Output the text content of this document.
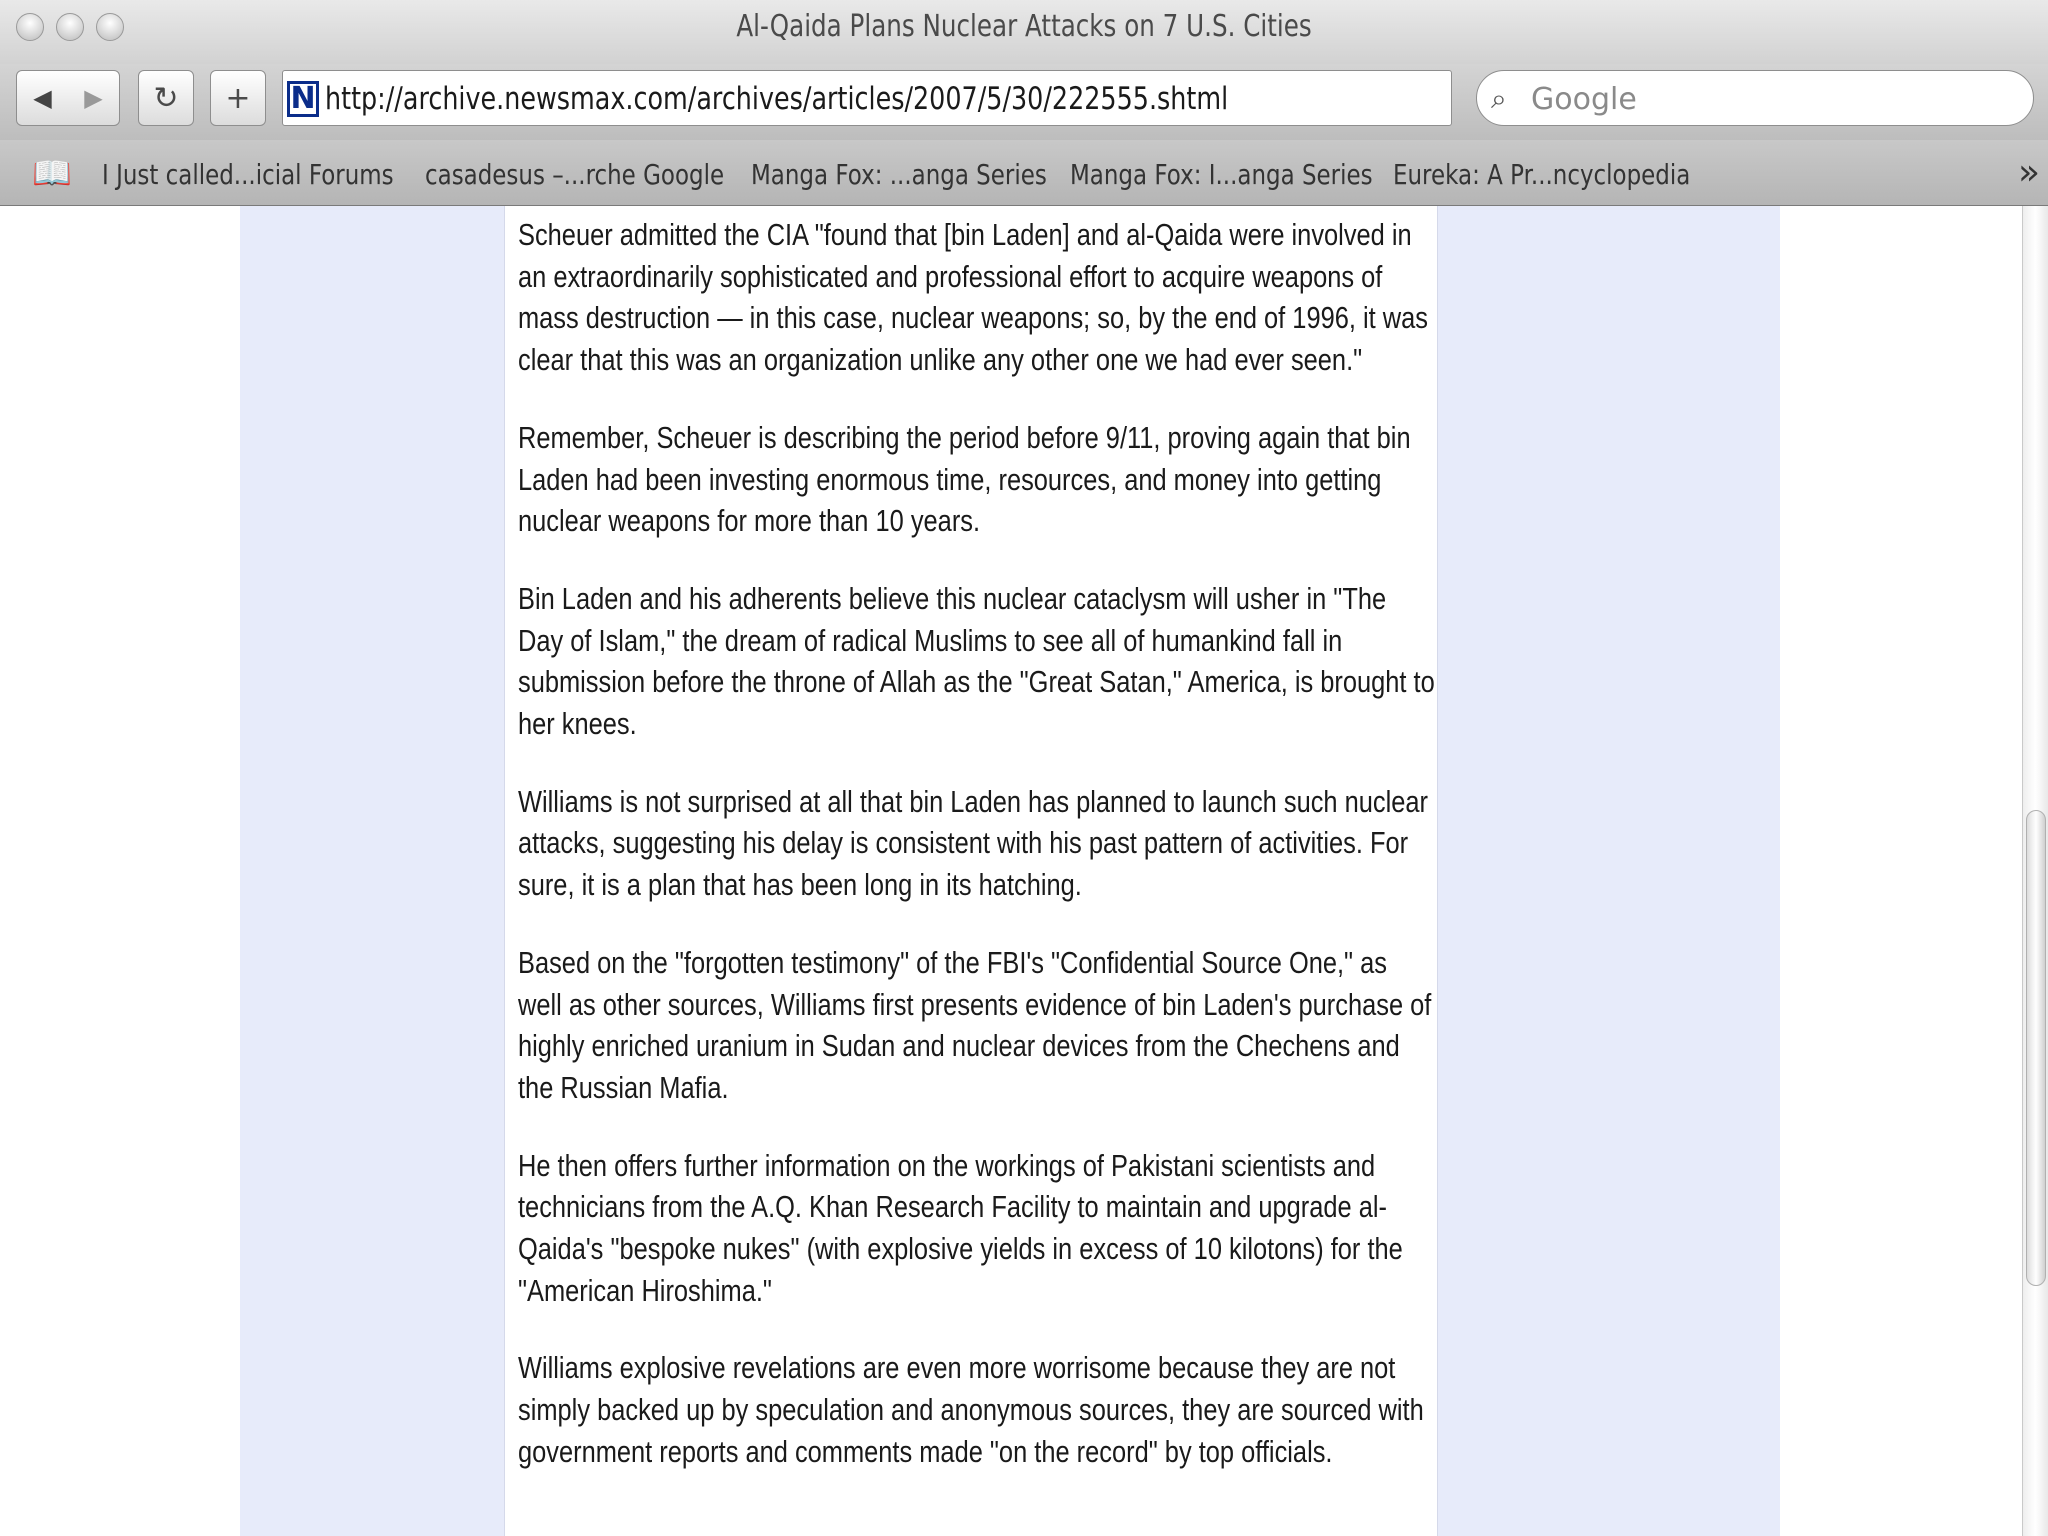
Al-Qaida Plans Nuclear Attacks on 7 U.S. Cities
◀ ▶ ↻ + N http://archive.newsmax.com/archives/articles/2007/5/30/222555.shtml	⌕
Google
📖 I Just called...icial Forums casadesus –...rche Google Manga Fox: ...anga Series Manga Fox: I...anga Series Eureka: A Pr...ncyclopedia	»

Scheuer admitted the CIA "found that [bin Laden] and al-Qaida were involved in an extraordinarily sophisticated and professional effort to acquire weapons of mass destruction — in this case, nuclear weapons; so, by the end of 1996, it was clear that this was an organization unlike any other one we had ever seen."

Remember, Scheuer is describing the period before 9/11, proving again that bin Laden had been investing enormous time, resources, and money into getting nuclear weapons for more than 10 years.

Bin Laden and his adherents believe this nuclear cataclysm will usher in "The Day of Islam," the dream of radical Muslims to see all of humankind fall in submission before the throne of Allah as the "Great Satan," America, is brought to her knees.

Williams is not surprised at all that bin Laden has planned to launch such nuclear attacks, suggesting his delay is consistent with his past pattern of activities. For sure, it is a plan that has been long in its hatching.

Based on the "forgotten testimony" of the FBI's "Confidential Source One," as well as other sources, Williams first presents evidence of bin Laden's purchase of highly enriched uranium in Sudan and nuclear devices from the Chechens and the Russian Mafia.

He then offers further information on the workings of Pakistani scientists and technicians from the A.Q. Khan Research Facility to maintain and upgrade al-Qaida's "bespoke nukes" (with explosive yields in excess of 10 kilotons) for the "American Hiroshima."

Williams explosive revelations are even more worrisome because they are not simply backed up by speculation and anonymous sources, they are sourced with government reports and comments made "on the record" by top officials.
